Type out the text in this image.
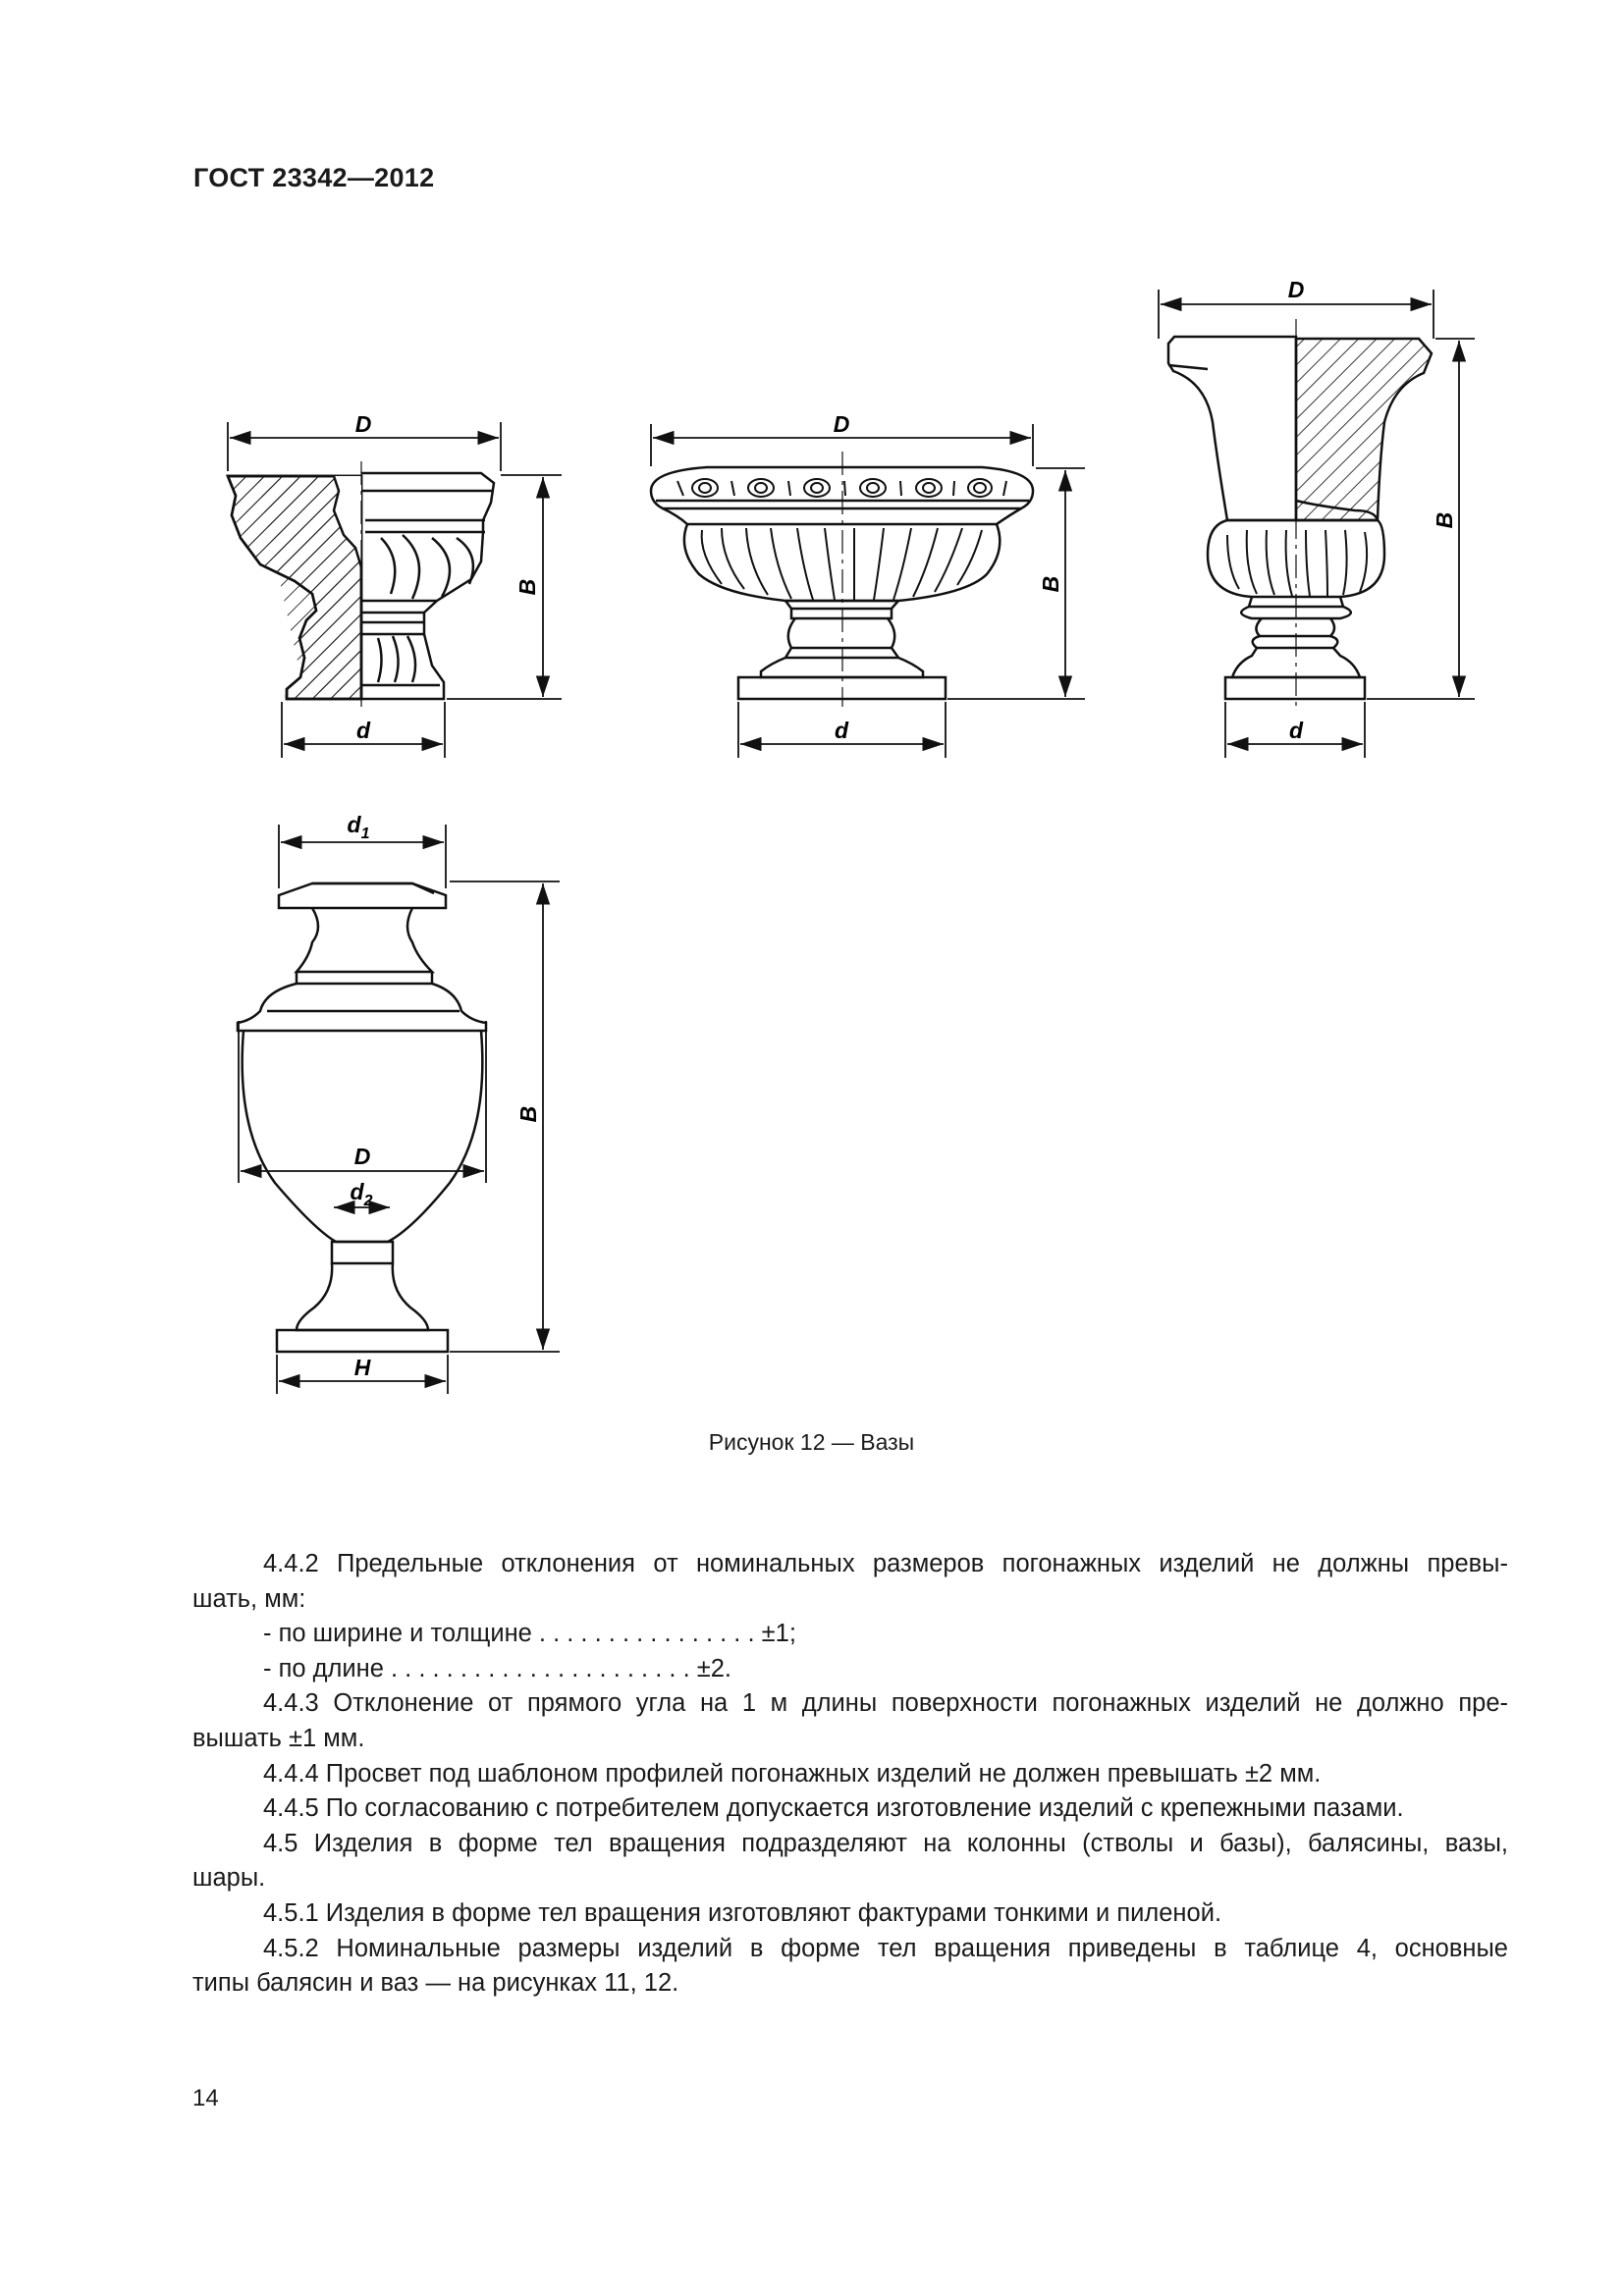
ГОСТ 23342—2012
D
B
d
D
B
d
D
B
d
$d_1$
D
$d_2$
B
H
Рисунок 12 — Вазы

4.4.2 Предельные отклонения от номинальных размеров погонажных изделий не должны превы-

шать, мм:

- по ширине и толщине . . . . . . . . . . . . . . . . ±1;

- по длине . . . . . . . . . . . . . . . . . . . . . . ±2.

4.4.3 Отклонение от прямого угла на 1 м длины поверхности погонажных изделий не должно пре-

вышать ±1 мм.

4.4.4 Просвет под шаблоном профилей погонажных изделий не должен превышать ±2 мм.

4.4.5 По согласованию с потребителем допускается изготовление изделий с крепежными пазами.

4.5 Изделия в форме тел вращения подразделяют на колонны (стволы и базы), балясины, вазы,

шары.

4.5.1 Изделия в форме тел вращения изготовляют фактурами тонкими и пиленой.

4.5.2 Номинальные размеры изделий в форме тел вращения приведены в таблице 4, основные

типы балясин и ваз — на рисунках 11, 12.

14
